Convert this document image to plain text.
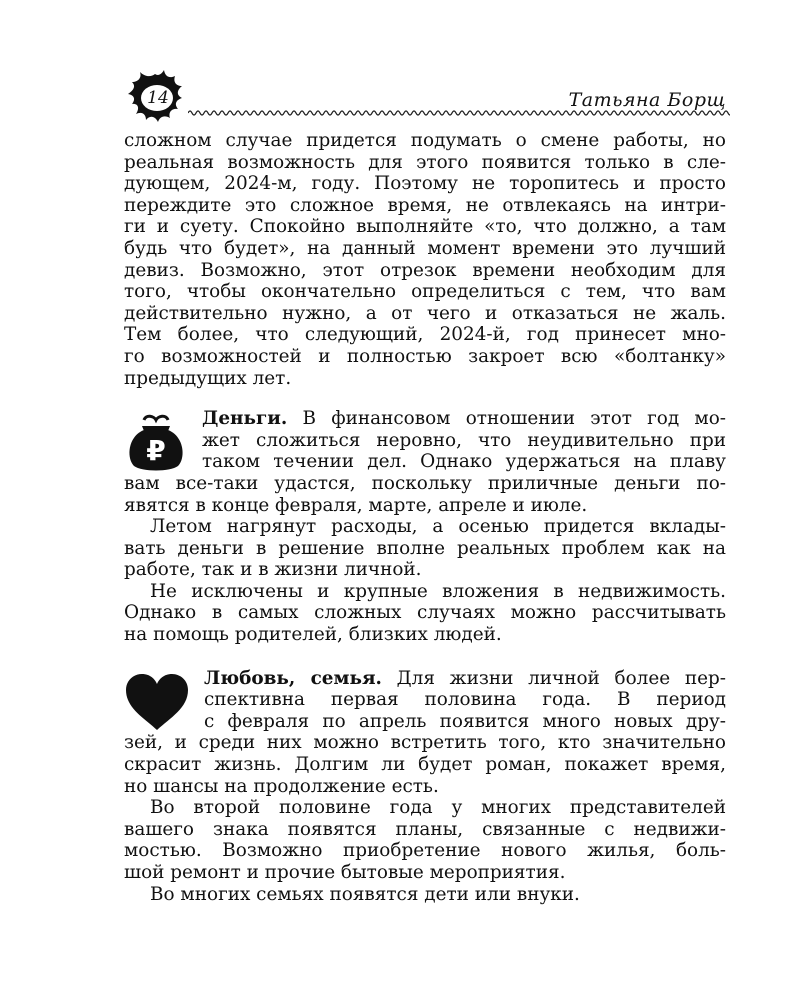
14	Татьяна Борщ
сложном случае придется подумать о смене работы, но
реальная возможность для этого появится только в сле-
дующем, 2024-м, году. Поэтому не торопитесь и просто
переждите это сложное время, не отвлекаясь на интри-
ги и суету. Спокойно выполняйте «то, что должно, а там
будь что будет», на данный момент времени это лучший
девиз. Возможно, этот отрезок времени необходим для
того, чтобы окончательно определиться с тем, что вам
действительно нужно, а от чего и отказаться не жаль.
Тем более, что следующий, 2024-й, год принесет мно-
го возможностей и полностью закроет всю «болтанку»
предыдущих лет.
₽
Деньги. В финансовом отношении этот год мо-
жет сложиться неровно, что неудивительно при
таком течении дел. Однако удержаться на плаву
вам все-таки удастся, поскольку приличные деньги по-
явятся в конце февраля, марте, апреле и июле.
Летом нагрянут расходы, а осенью придется вклады-
вать деньги в решение вполне реальных проблем как на
работе, так и в жизни личной.
Не исключены и крупные вложения в недвижимость.
Однако в самых сложных случаях можно рассчитывать
на помощь родителей, близких людей.
Любовь, семья. Для жизни личной более пер-
спективна первая половина года. В период
с февраля по апрель появится много новых дру-
зей, и среди них можно встретить того, кто значительно
скрасит жизнь. Долгим ли будет роман, покажет время,
но шансы на продолжение есть.
Во второй половине года у многих представителей
вашего знака появятся планы, связанные с недвижи-
мостью. Возможно приобретение нового жилья, боль-
шой ремонт и прочие бытовые мероприятия.
Во многих семьях появятся дети или внуки.
